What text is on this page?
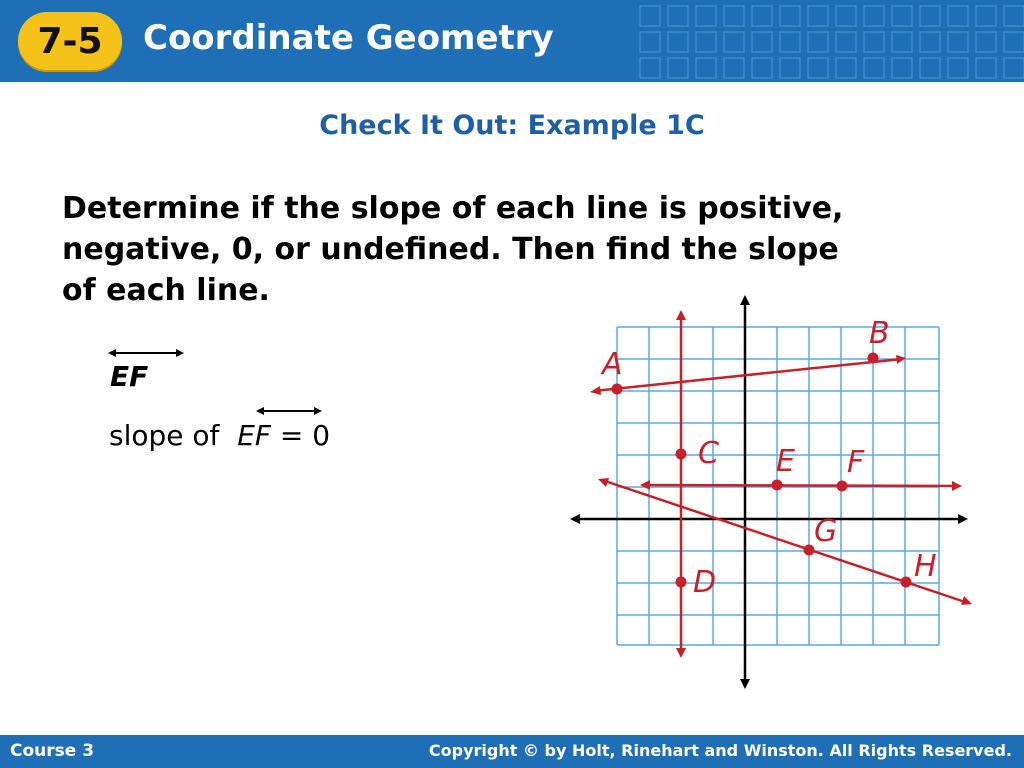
7-5 Coordinate Geometry
Check It Out: Example 1C
Determine if the slope of each line is positive,
negative, 0, or undefined. Then find the slope
of each line.
EF
slope of EF = 0
A
B
C
D
E F
G
H
Course 3	Copyright © by Holt, Rinehart and Winston. All Rights Reserved.
